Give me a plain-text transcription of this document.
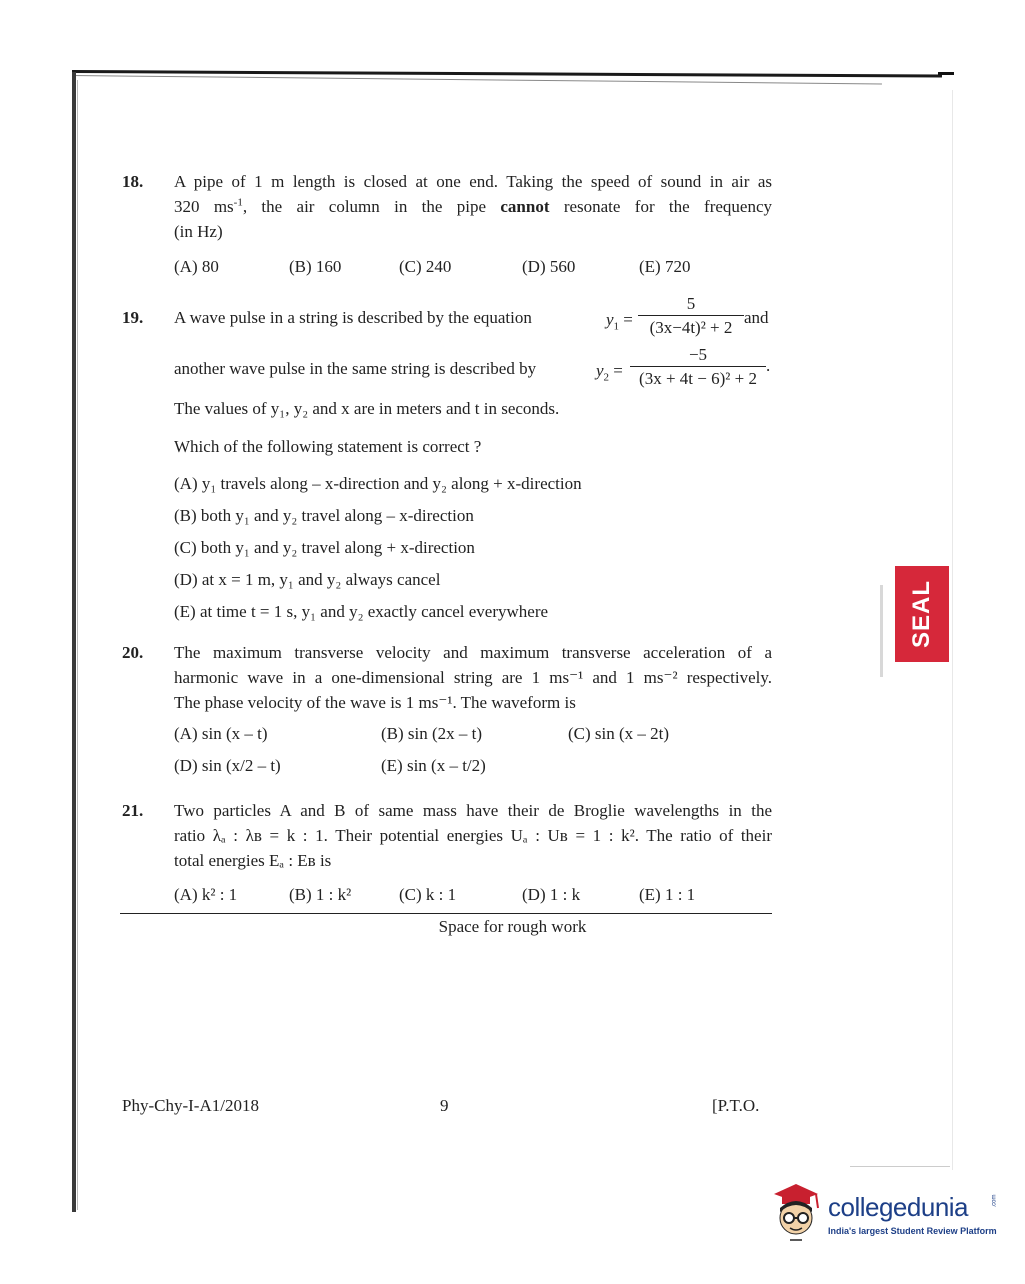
18.	A pipe of 1 m length is closed at one end. Taking the speed of sound in air as
320 $ms^{-1}$, the air column in the pipe cannot resonate for the frequency
(in Hz)
(A) 80	(B) 160	(C) 240	(D) 560	(E) 720
19.	A wave pulse in a string is described by the equation	$y_1$ =
5
(3x−4t)² + 2
and
another wave pulse in the same string is described by	$y_2$ =
−5
(3x + 4t − 6)² + 2
.
The values of y₁, y₂ and x are in meters and t in seconds.
Which of the following statement is correct ?
(A) y₁ travels along – x-direction and y₂ along + x-direction
(B) both y₁ and y₂ travel along – x-direction
(C) both y₁ and y₂ travel along + x-direction
(D) at x = 1 m, y₁ and y₂ always cancel
(E) at time t = 1 s, y₁ and y₂ exactly cancel everywhere
20.	The maximum transverse velocity and maximum transverse acceleration of a
harmonic wave in a one-dimensional string are 1 ms⁻¹ and 1 ms⁻² respectively.
The phase velocity of the wave is 1 ms⁻¹. The waveform is
(A) sin (x – t)	(B) sin (2x – t)	(C) sin (x – 2t)
(D) sin (x/2 – t)	(E) sin (x – t/2)
21.	Two particles A and B of same mass have their de Broglie wavelengths in the
ratio λₐ : λʙ = k : 1. Their potential energies Uₐ : Uʙ = 1 : k². The ratio of their
total energies Eₐ : Eʙ is
(A) k² : 1	(B) 1 : k²	(C) k : 1	(D) 1 : k	(E) 1 : 1
Space for rough work
Phy-Chy-I-A1/2018	9	[P.T.O.
SEAL
collegedunia	.com
India's largest Student Review Platform
